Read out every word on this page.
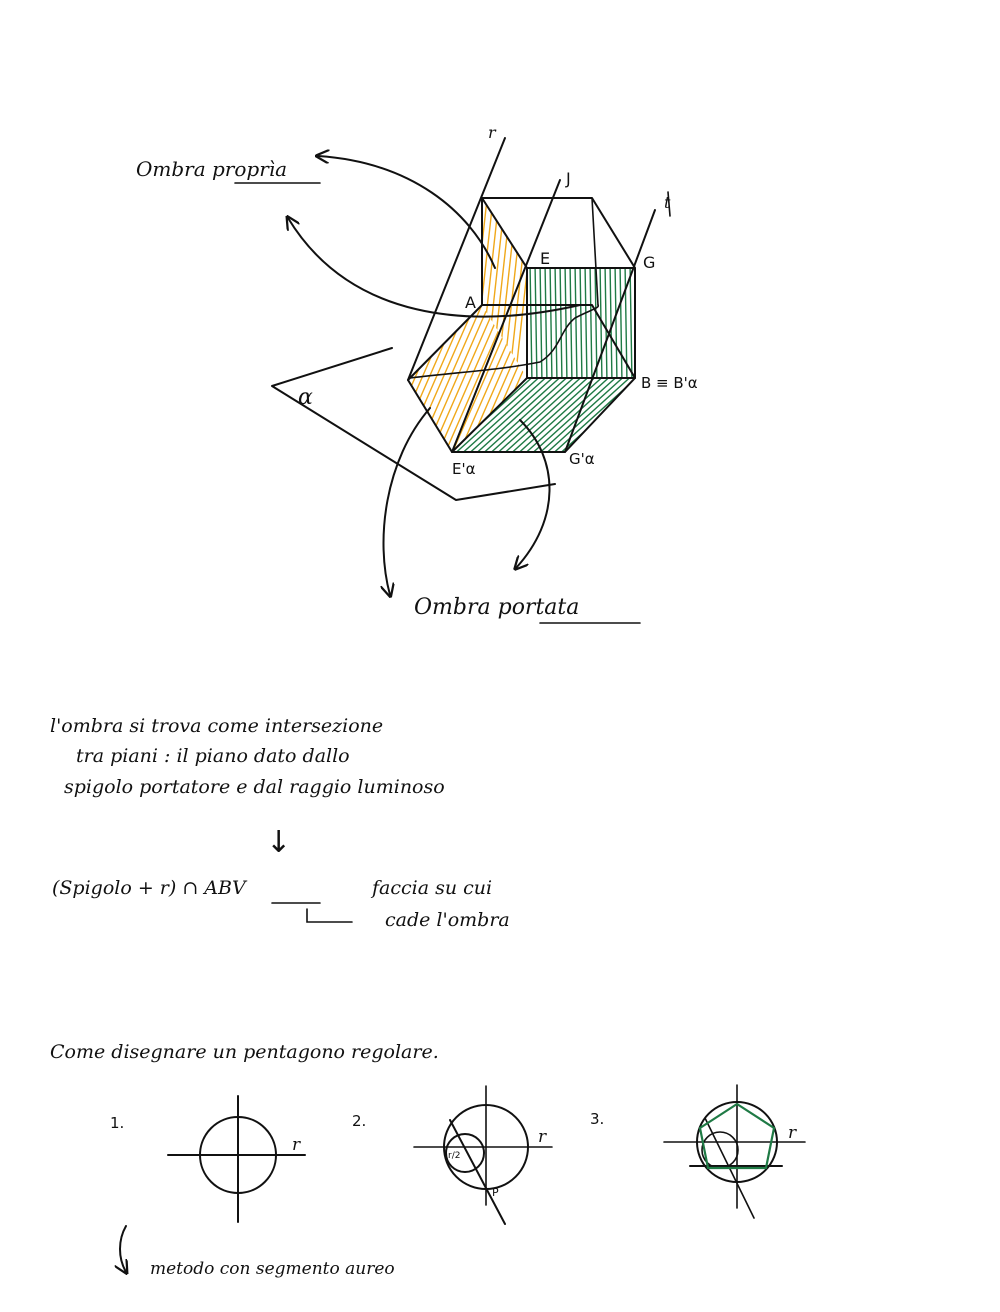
r
J
t
E	G
A
B ≡ B'α
E'α
G'α
α
Ombra proprìa
Ombra portata
l'ombra si trova come intersezione
tra piani : il piano dato dallo
spigolo portatore e dal raggio luminoso
↓
(Spigolo + r) ∩ ABV	faccia su cui
cade l'ombra
Come disegnare un pentagono regolare.
1.
r
2.
r
r/2
P
3.
r
metodo con segmento aureo
